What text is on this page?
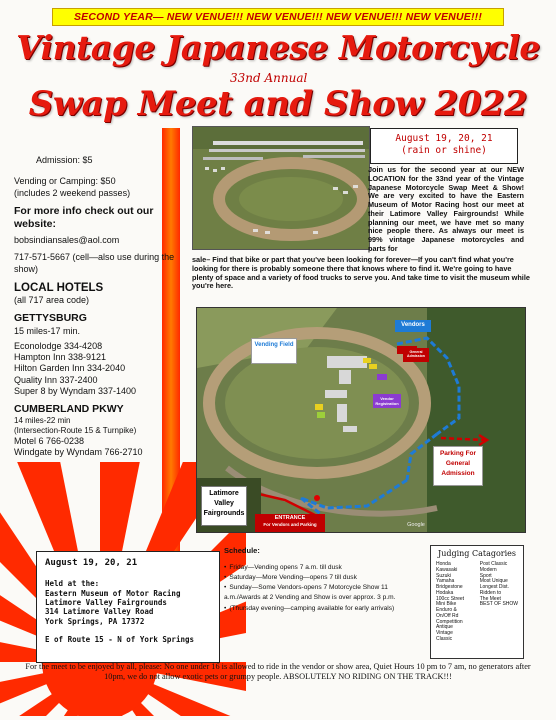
SECOND YEAR— NEW VENUE!!! NEW VENUE!!! NEW VENUE!!! NEW VENUE!!!
Vintage Japanese Motorcycle
33nd Annual
Swap Meet and Show 2022

Admission: $5

Vending or Camping: $50

(includes 2 weekend passes)

For more info check out our website:

bobsindiansales@aol.com

717-571-5667 (cell—also use during the show)

LOCAL HOTELS

(all 717 area code)

GETTYSBURG

15 miles-17 min.

Econolodge 334-4208

Hampton Inn 338-9121

Hilton Garden Inn 334-2040

Quality Inn 337-2400

Super 8 by Wyndam 337-1400

CUMBERLAND PKWY

14 miles-22 min

(Intersection-Route 15 & Turnpike)

Motel 6 766-0238

Windgate by Wyndam 766-2710

August 19, 20, 21
(rain or shine)
Join us for the second year at our NEW LOCATION for the 33nd year of the Vintage Japanese Motorcycle Swap Meet & Show! We are very excited to have the Eastern Museum of Motor Racing host our meet at their Latimore Valley Fairgrounds! While planning our meet, we have met so many nice people there. As always our meet is 99% vintage Japanese motorcycles and parts for
sale– Find that bike or part that you've been looking for forever—If you can't find what you're looking for there is probably someone there that knows where to find it. We're going to have plenty of space and a variety of food trucks to serve you. And take time to visit the museum while you're here.
Vending Field
Vendors
General Admission
Vendor Registration
Parking For General Admission
Latimore Valley Fairgrounds
ENTRANCE
For Vendors and Parking	Google
August 19, 20, 21
Held at the:
Eastern Museum of Motor Racing
Latimore Valley Fairgrounds
314 Latimore Valley Road
York Springs, PA 17372
E of Route 15 - N of York Springs
Schedule:
• Friday—Vending opens 7 a.m. till dusk
• Saturday—More Vending—opens 7 till dusk
• Sunday—Some Vendors-opens 7 Motorcycle Show 11 a.m./Awards at 2 Vending and Show is over approx. 3 p.m.
• (Thursday evening—camping available for early arrivals)
Judging Catagories
Honda
Kawasaki
Suzuki
Yamaha
Bridgestone
Hodaka
100cc Street
Mini Bike
Enduro &
On/Off Rd
Competition
Antique
Vintage
Classic
Post Classic
Modern
Sport
Most Unique
Longest Dist.
Ridden to
The Meet
BEST OF SHOW
For the meet to be enjoyed by all, please: No one under 16 is allowed to ride in the vendor or show area, Quiet Hours 10 pm to 7 am, no generators after 10pm, we do not allow exotic pets or grumpy people. ABSOLUTELY NO RIDING ON THE TRACK!!!
